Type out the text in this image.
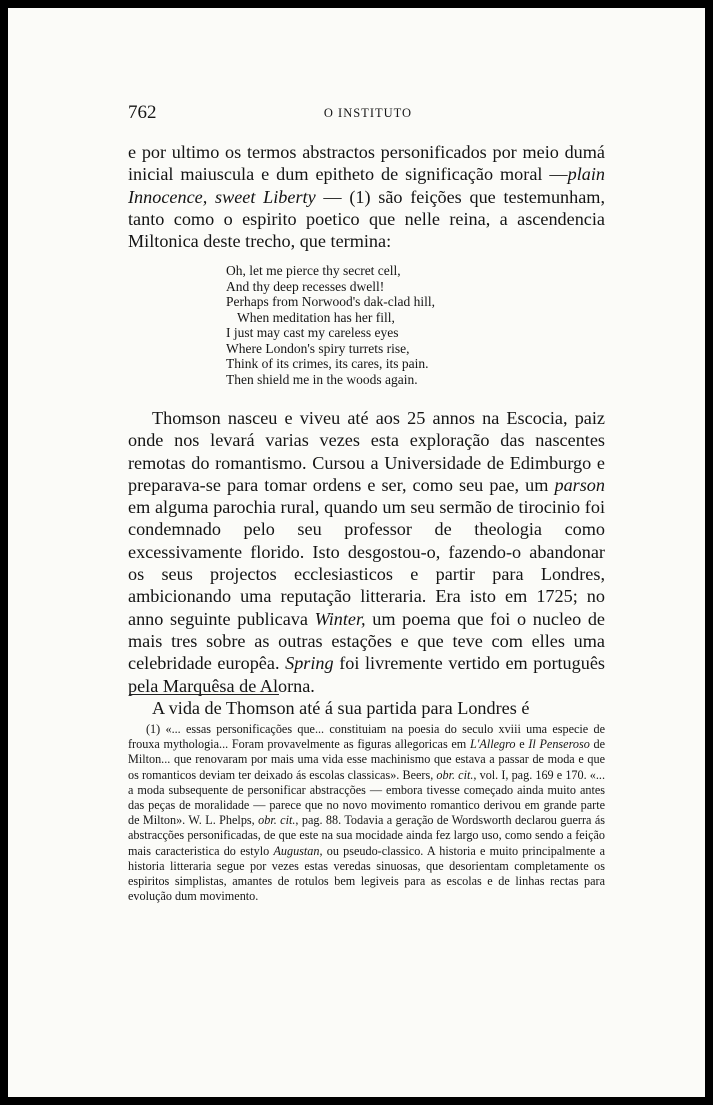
762	O INSTITUTO

e por ultimo os termos abstractos personificados por meio dumá inicial maiuscula e dum epitheto de significação moral —plain Innocence, sweet Liberty — (1) são feições que testemunham, tanto como o espirito poetico que nelle reina, a ascendencia Miltonica deste trecho, que termina:

Oh, let me pierce thy secret cell,
And thy deep recesses dwell!
Perhaps from Norwood's dak-clad hill,
When meditation has her fill,
I just may cast my careless eyes
Where London's spiry turrets rise,
Think of its crimes, its cares, its pain.
Then shield me in the woods again.

Thomson nasceu e viveu até aos 25 annos na Escocia, paiz onde nos levará varias vezes esta exploração das nascentes remotas do romantismo. Cursou a Universidade de Edimburgo e preparava-se para tomar ordens e ser, como seu pae, um parson em alguma parochia rural, quando um seu sermão de tirocinio foi condemnado pelo seu professor de theologia como excessivamente florido. Isto desgostou-o, fazendo-o abandonar os seus projectos ecclesiasticos e partir para Londres, ambicionando uma reputação litteraria. Era isto em 1725; no anno seguinte publicava Winter, um poema que foi o nucleo de mais tres sobre as outras estações e que teve com elles uma celebridade europêa. Spring foi livremente vertido em português pela Marquêsa de Alorna.

A vida de Thomson até á sua partida para Londres é

(1) «... essas personificações que... constituiam na poesia do seculo xviii uma especie de frouxa mythologia... Foram provavelmente as figuras allegoricas em L'Allegro e Il Penseroso de Milton... que renovaram por mais uma vida esse machinismo que estava a passar de moda e que os romanticos deviam ter deixado ás escolas classicas». Beers, obr. cit., vol. I, pag. 169 e 170. «... a moda subsequente de personificar abstracções — embora tivesse começado ainda muito antes das peças de moralidade — parece que no novo movimento romantico derivou em grande parte de Milton». W. L. Phelps, obr. cit., pag. 88. Todavia a geração de Wordsworth declarou guerra ás abstracções personificadas, de que este na sua mocidade ainda fez largo uso, como sendo a feição mais caracteristica do estylo Augustan, ou pseudo-classico. A historia e muito principalmente a historia litteraria segue por vezes estas veredas sinuosas, que desorientam completamente os espiritos simplistas, amantes de rotulos bem legiveis para as escolas e de linhas rectas para evolução dum movimento.
